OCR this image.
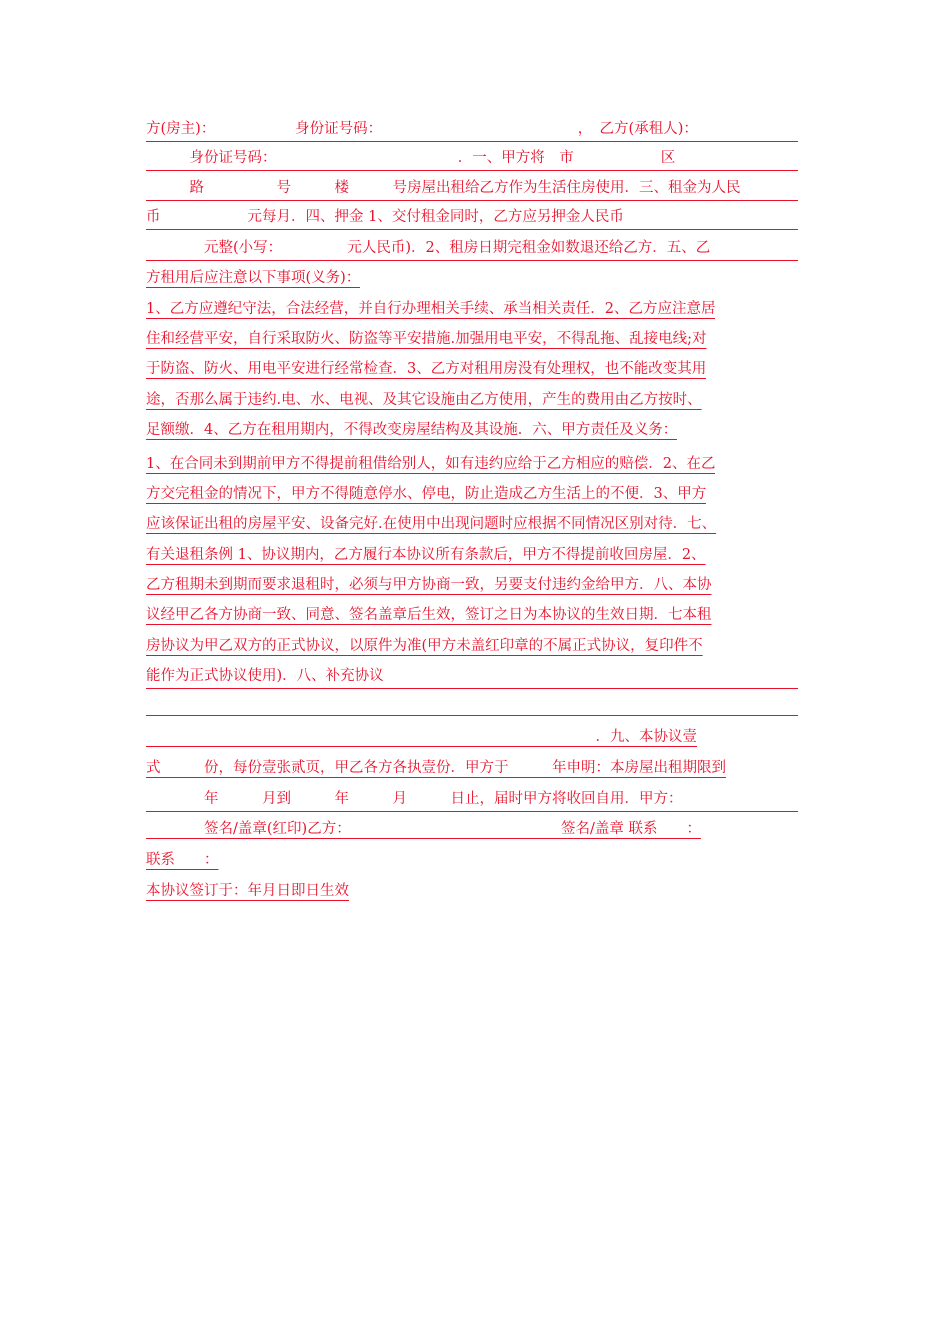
方(房主)：　　　　　　身份证号码：　　　　　　　　　　　　　　，　乙方(承租人)：
　　　身份证号码：　　　　　　　　　　　　　．一、甲方将　市　　　　　　区
　　　路　　　　　号　　　楼　　　号房屋出租给乙方作为生活住房使用．三、租金为人民
币　　　　　　元每月．四、押金 1、交付租金同时，乙方应另押金人民币
　　　　元整(小写：　　　　　元人民币)．2、租房日期完租金如数退还给乙方．五、乙
方租用后应注意以下事项(义务)：
1、乙方应遵纪守法，合法经营，并自行办理相关手续、承当相关责任．2、乙方应注意居
住和经营平安，自行采取防火、防盗等平安措施.加强用电平安，不得乱拖、乱接电线;对
于防盗、防火、用电平安进行经常检查．3、乙方对租用房没有处理权，也不能改变其用
途，否那么属于违约.电、水、电视、及其它设施由乙方使用，产生的费用由乙方按时、
足额缴．4、乙方在租用期内，不得改变房屋结构及其设施．六、甲方责任及义务：
1、在合同未到期前甲方不得提前租借给别人，如有违约应给于乙方相应的赔偿．2、在乙
方交完租金的情况下，甲方不得随意停水、停电，防止造成乙方生活上的不便．3、甲方
应该保证出租的房屋平安、设备完好.在使用中出现问题时应根据不同情况区别对待．七、
有关退租条例 1、协议期内，乙方履行本协议所有条款后，甲方不得提前收回房屋．2、
乙方租期未到期而要求退租时，必须与甲方协商一致，另要支付违约金给甲方．八、本协
议经甲乙各方协商一致、同意、签名盖章后生效，签订之日为本协议的生效日期．七本租
房协议为甲乙双方的正式协议，以原件为准(甲方未盖红印章的不属正式协议，复印件不
能作为正式协议使用)．八、补充协议
　　　　　　　　　　　　　　　　　　　　　　　　　　　　　　　．九、本协议壹
式　　　份，每份壹张贰页，甲乙各方各执壹份．甲方于　　　年申明：本房屋出租期限到
　　　　年　　　月到　　　年　　　月　　　日止，届时甲方将收回自用．甲方：
　　　　签名/盖章(红印)乙方：　　　　　　　　　　　　　　　签名/盖章 联系　　：
联系　　：
本协议签订于：年月日即日生效
